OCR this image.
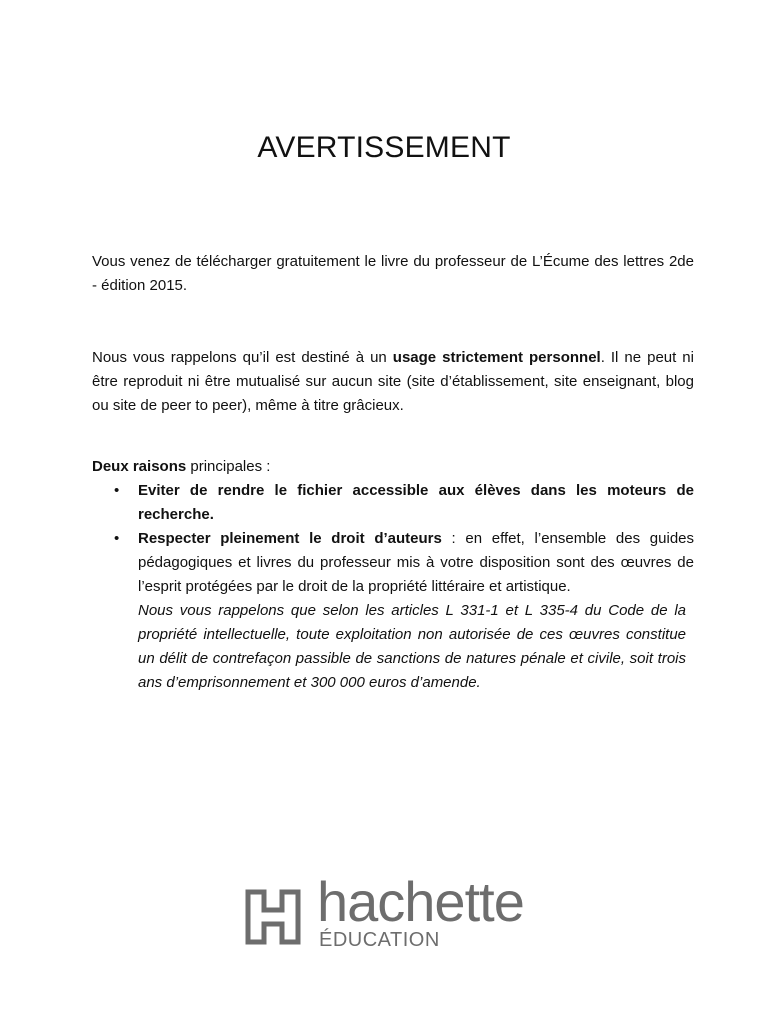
AVERTISSEMENT
Vous venez de télécharger gratuitement le livre du professeur de L’Écume des lettres 2de - édition 2015.
Nous vous rappelons qu’il est destiné à un usage strictement personnel. Il ne peut ni être reproduit ni être mutualisé sur aucun site (site d’établissement, site enseignant, blog ou site de peer to peer), même à titre grâcieux.
Deux raisons principales :
• Eviter de rendre le fichier accessible aux élèves dans les moteurs de recherche.
• Respecter pleinement le droit d’auteurs : en effet, l’ensemble des guides pédagogiques et livres du professeur mis à votre disposition sont des œuvres de l’esprit protégées par le droit de la propriété littéraire et artistique.
Nous vous rappelons que selon les articles L 331-1 et L 335-4 du Code de la propriété intellectuelle, toute exploitation non autorisée de ces œuvres constitue un délit de contrefaçon passible de sanctions de natures pénale et civile, soit trois ans d’emprisonnement et 300 000 euros d’amende.
hachette
ÉDUCATION
